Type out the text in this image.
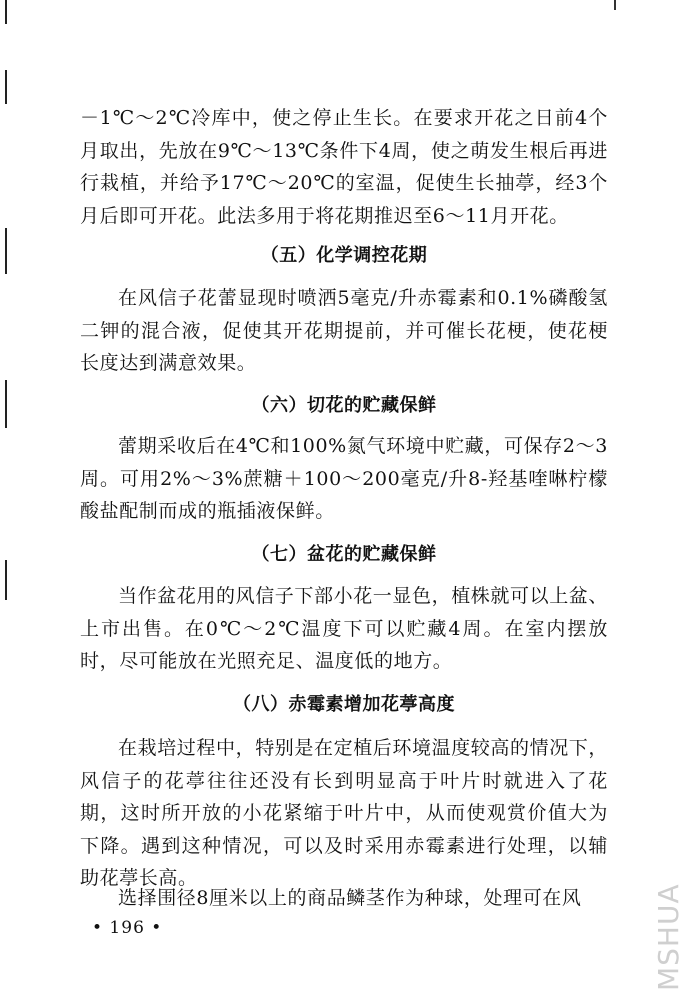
－1℃～2℃冷库中，使之停止生长。在要求开花之日前4个月取出，先放在9℃～13℃条件下4周，使之萌发生根后再进行栽植，并给予17℃～20℃的室温，促使生长抽葶，经3个月后即可开花。此法多用于将花期推迟至6～11月开花。

（五）化学调控花期

在风信子花蕾显现时喷洒5毫克/升赤霉素和0.1%磷酸氢二钾的混合液，促使其开花期提前，并可催长花梗，使花梗长度达到满意效果。

（六）切花的贮藏保鲜

蕾期采收后在4℃和100%氮气环境中贮藏，可保存2～3周。可用2%～3%蔗糖＋100～200毫克/升8-羟基喹啉柠檬酸盐配制而成的瓶插液保鲜。

（七）盆花的贮藏保鲜

当作盆花用的风信子下部小花一显色，植株就可以上盆、上市出售。在0℃～2℃温度下可以贮藏4周。在室内摆放时，尽可能放在光照充足、温度低的地方。

（八）赤霉素增加花葶高度

在栽培过程中，特别是在定植后环境温度较高的情况下，风信子的花葶往往还没有长到明显高于叶片时就进入了花期，这时所开放的小花紧缩于叶片中，从而使观赏价值大为下降。遇到这种情况，可以及时采用赤霉素进行处理，以辅助花葶长高。

选择围径8厘米以上的商品鳞茎作为种球，处理可在风

• 196 •	MSHUA
